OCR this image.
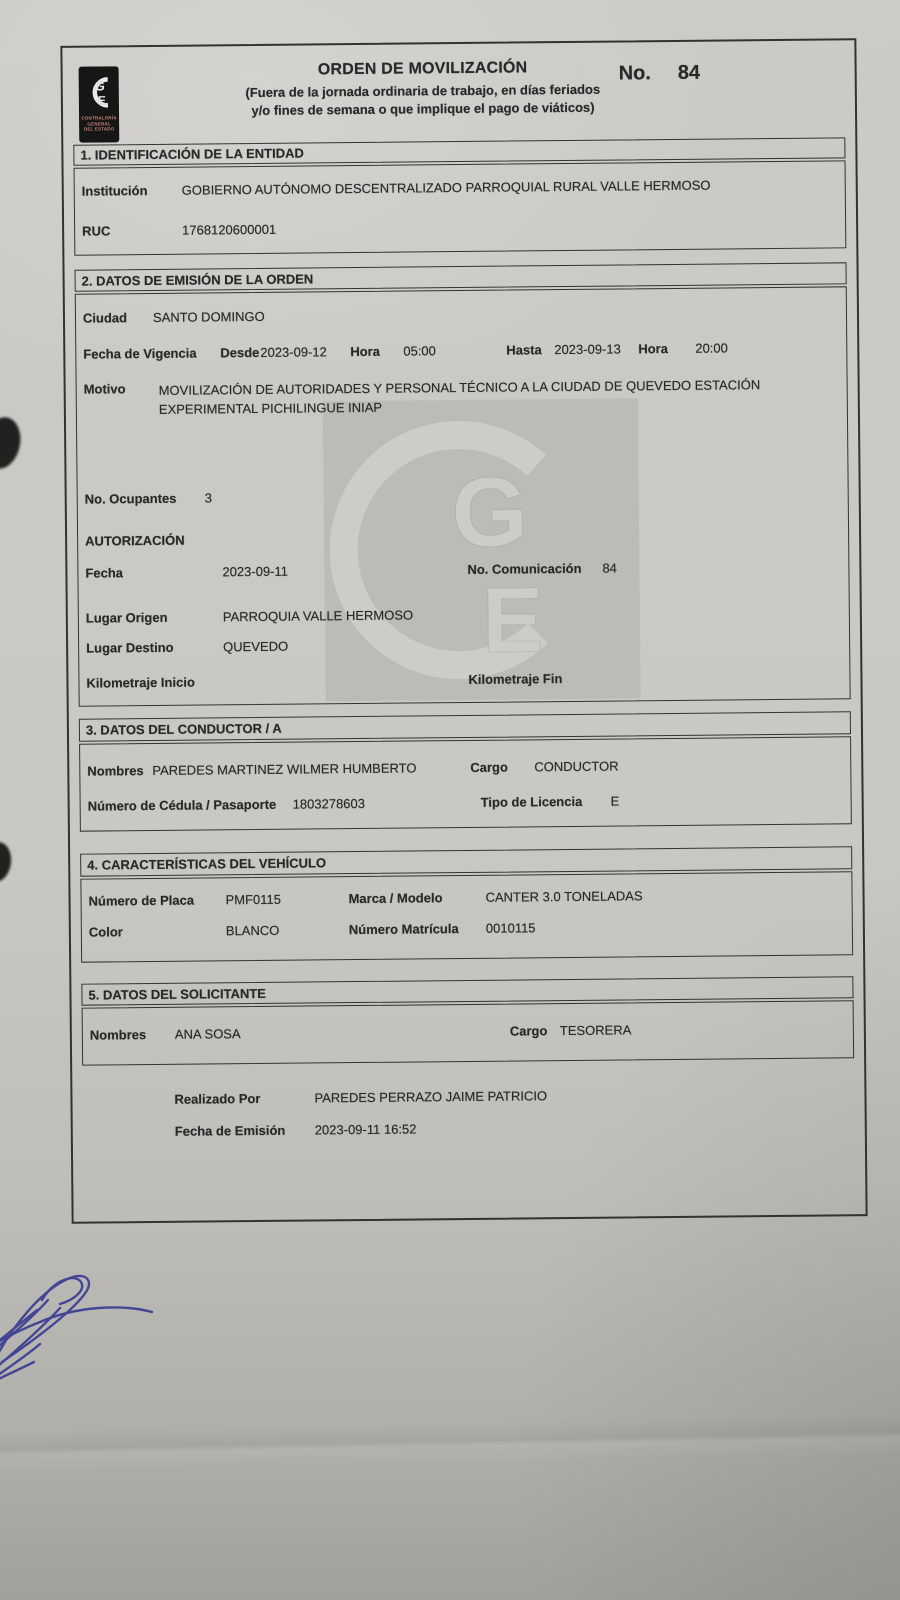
G
E
G
E
CONTRALORÍA
GENERAL
DEL ESTADO
ORDEN DE MOVILIZACIÓN
(Fuera de la jornada ordinaria de trabajo, en días feriados
y/o fines de semana o que implique el pago de viáticos)
No. 84
1. IDENTIFICACIÓN DE LA ENTIDAD
Institución	GOBIERNO AUTÓNOMO DESCENTRALIZADO PARROQUIAL RURAL VALLE HERMOSO
RUC	1768120600001
2. DATOS DE EMISIÓN DE LA ORDEN
Ciudad SANTO DOMINGO
Fecha de Vigencia Desde 2023-09-12 Hora 05:00	Hasta 2023-09-13 Hora 20:00
Motivo	MOVILIZACIÓN DE AUTORIDADES Y PERSONAL TÉCNICO A LA CIUDAD DE QUEVEDO ESTACIÓN EXPERIMENTAL PICHILINGUE INIAP
No. Ocupantes 3
AUTORIZACIÓN
Fecha	2023-09-11	No. Comunicación 84
Lugar Origen	PARROQUIA VALLE HERMOSO
Lugar Destino	QUEVEDO
Kilometraje Inicio	Kilometraje Fin
3. DATOS DEL CONDUCTOR / A
Nombres PAREDES MARTINEZ WILMER HUMBERTO	Cargo CONDUCTOR
Número de Cédula / Pasaporte 1803278603	Tipo de Licencia E
4. CARACTERÍSTICAS DEL VEHÍCULO
Número de Placa PMF0115	Marca / Modelo	CANTER 3.0 TONELADAS
Color	BLANCO	Número Matrícula 0010115
5. DATOS DEL SOLICITANTE
Nombres ANA SOSA	Cargo TESORERA
Realizado Por	PAREDES PERRAZO JAIME PATRICIO
Fecha de Emisión 2023-09-11 16:52
